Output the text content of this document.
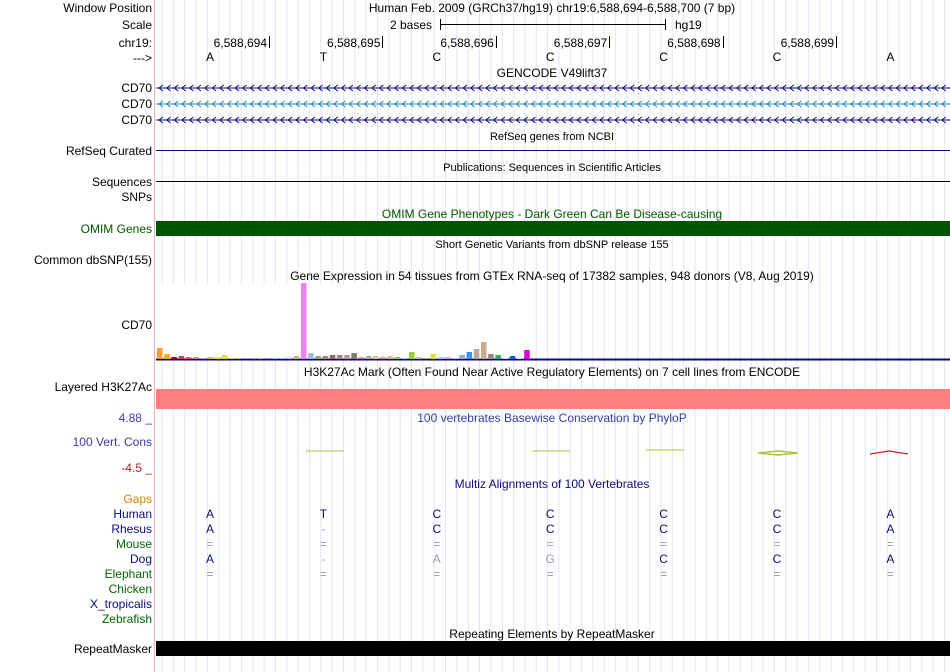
Window Position	Human Feb. 2009 (GRCh37/hg19) chr19:6,588,694-6,588,700 (7 bp)
Scale	2 bases	hg19
chr19:	6,588,694	6,588,695	6,588,696	6,588,697	6,588,698	6,588,699
--->	A	T	C	C	C	C	A
GENCODE V49lift37
CD70
CD70
CD70
RefSeq genes from NCBI
RefSeq Curated
Publications: Sequences in Scientific Articles
Sequences
SNPs
OMIM Gene Phenotypes - Dark Green Can Be Disease-causing
OMIM Genes
Short Genetic Variants from dbSNP release 155
Common dbSNP(155)
Gene Expression in 54 tissues from GTEx RNA-seq of 17382 samples, 948 donors (V8, Aug 2019)
CD70
H3K27Ac Mark (Often Found Near Active Regulatory Elements) on 7 cell lines from ENCODE
Layered H3K27Ac
4.88 _	100 vertebrates Basewise Conservation by PhyloP
100 Vert. Cons
-4.5 _
Multiz Alignments of 100 Vertebrates
Gaps
Human	A	T	C	C	C	C	A
Rhesus	A	-	C	C	C	C	A
Mouse	=	=	=	=	=	=	=
Dog	A	-	A	G	C	C	A
Elephant	=	=	=	=	=	=	=
Chicken
X_tropicalis
Zebrafish
Repeating Elements by RepeatMasker
RepeatMasker
